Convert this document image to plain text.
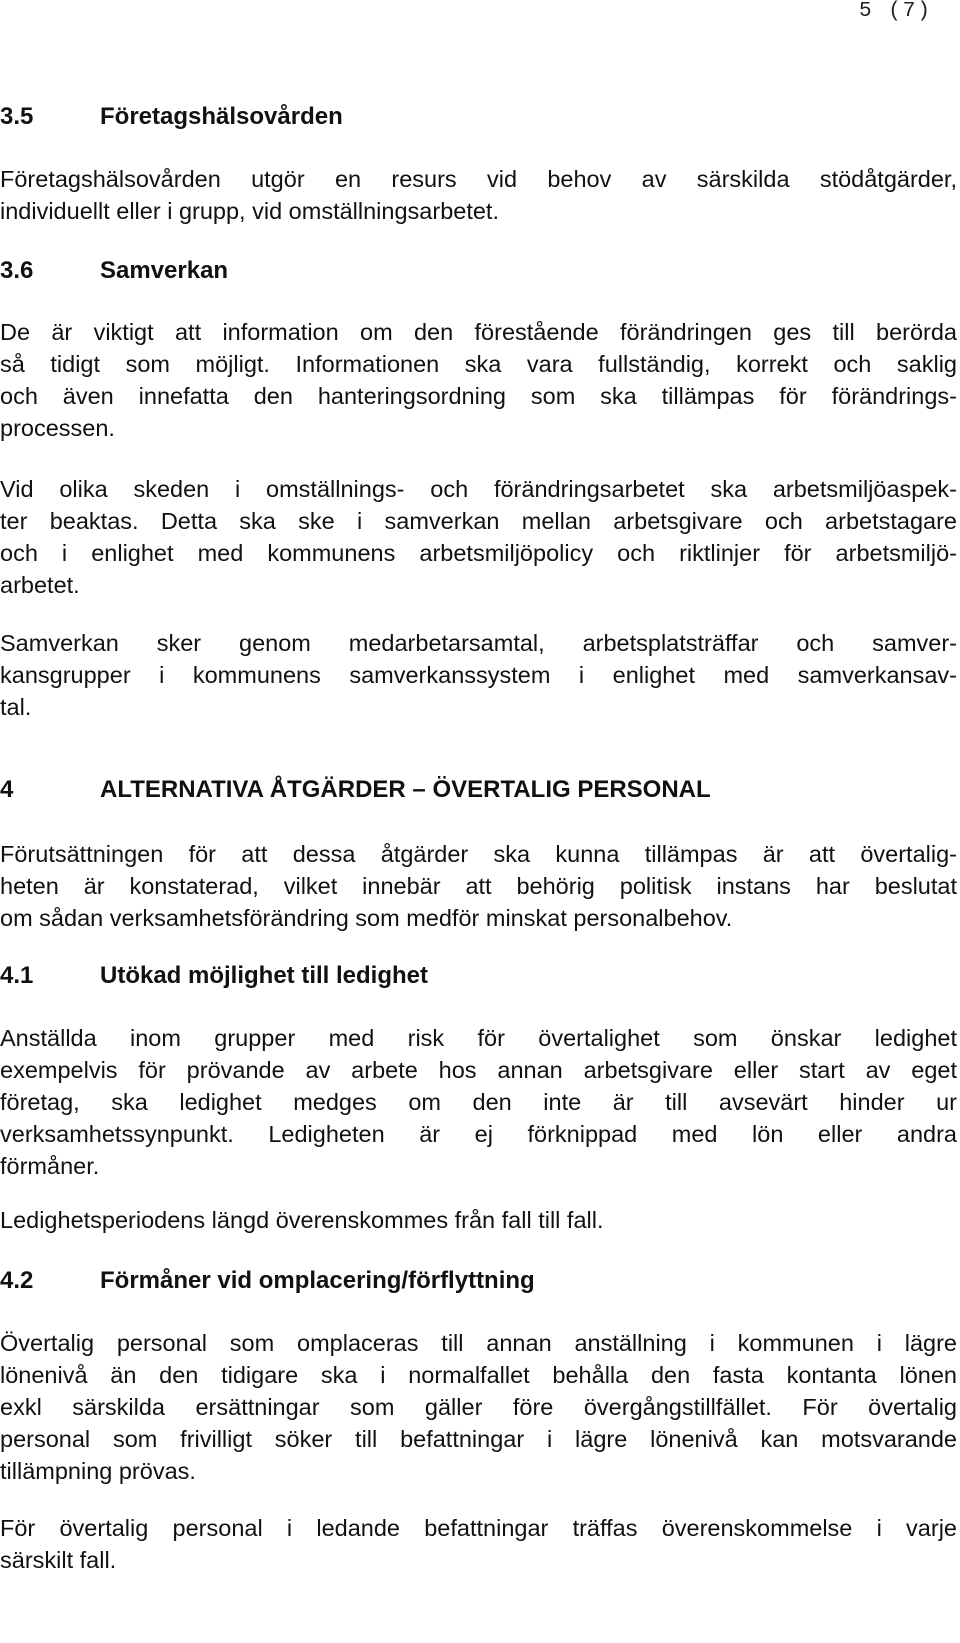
5 (7)
3.5	Företagshälsovården
Företagshälsovården utgör en resurs vid behov av särskilda stödåtgärder,
individuellt eller i grupp, vid omställningsarbetet.
3.6	Samverkan
De är viktigt att information om den förestående förändringen ges till berörda
så tidigt som möjligt. Informationen ska vara fullständig, korrekt och saklig
och även innefatta den hanteringsordning som ska tillämpas för förändrings-
processen.
Vid olika skeden i omställnings- och förändringsarbetet ska arbetsmiljöaspek-
ter beaktas. Detta ska ske i samverkan mellan arbetsgivare och arbetstagare
och i enlighet med kommunens arbetsmiljöpolicy och riktlinjer för arbetsmiljö-
arbetet.
Samverkan sker genom medarbetarsamtal, arbetsplatsträffar och samver-
kansgrupper i kommunens samverkanssystem i enlighet med samverkansav-
tal.
4	ALTERNATIVA ÅTGÄRDER – ÖVERTALIG PERSONAL
Förutsättningen för att dessa åtgärder ska kunna tillämpas är att övertalig-
heten är konstaterad, vilket innebär att behörig politisk instans har beslutat
om sådan verksamhetsförändring som medför minskat personalbehov.
4.1	Utökad möjlighet till ledighet
Anställda inom grupper med risk för övertalighet som önskar ledighet
exempelvis för prövande av arbete hos annan arbetsgivare eller start av eget
företag, ska ledighet medges om den inte är till avsevärt hinder ur
verksamhetssynpunkt. Ledigheten är ej förknippad med lön eller andra
förmåner.
Ledighetsperiodens längd överenskommes från fall till fall.
4.2	Förmåner vid omplacering/förflyttning
Övertalig personal som omplaceras till annan anställning i kommunen i lägre
lönenivå än den tidigare ska i normalfallet behålla den fasta kontanta lönen
exkl särskilda ersättningar som gäller före övergångstillfället. För övertalig
personal som frivilligt söker till befattningar i lägre lönenivå kan motsvarande
tillämpning prövas.
För övertalig personal i ledande befattningar träffas överenskommelse i varje
särskilt fall.
